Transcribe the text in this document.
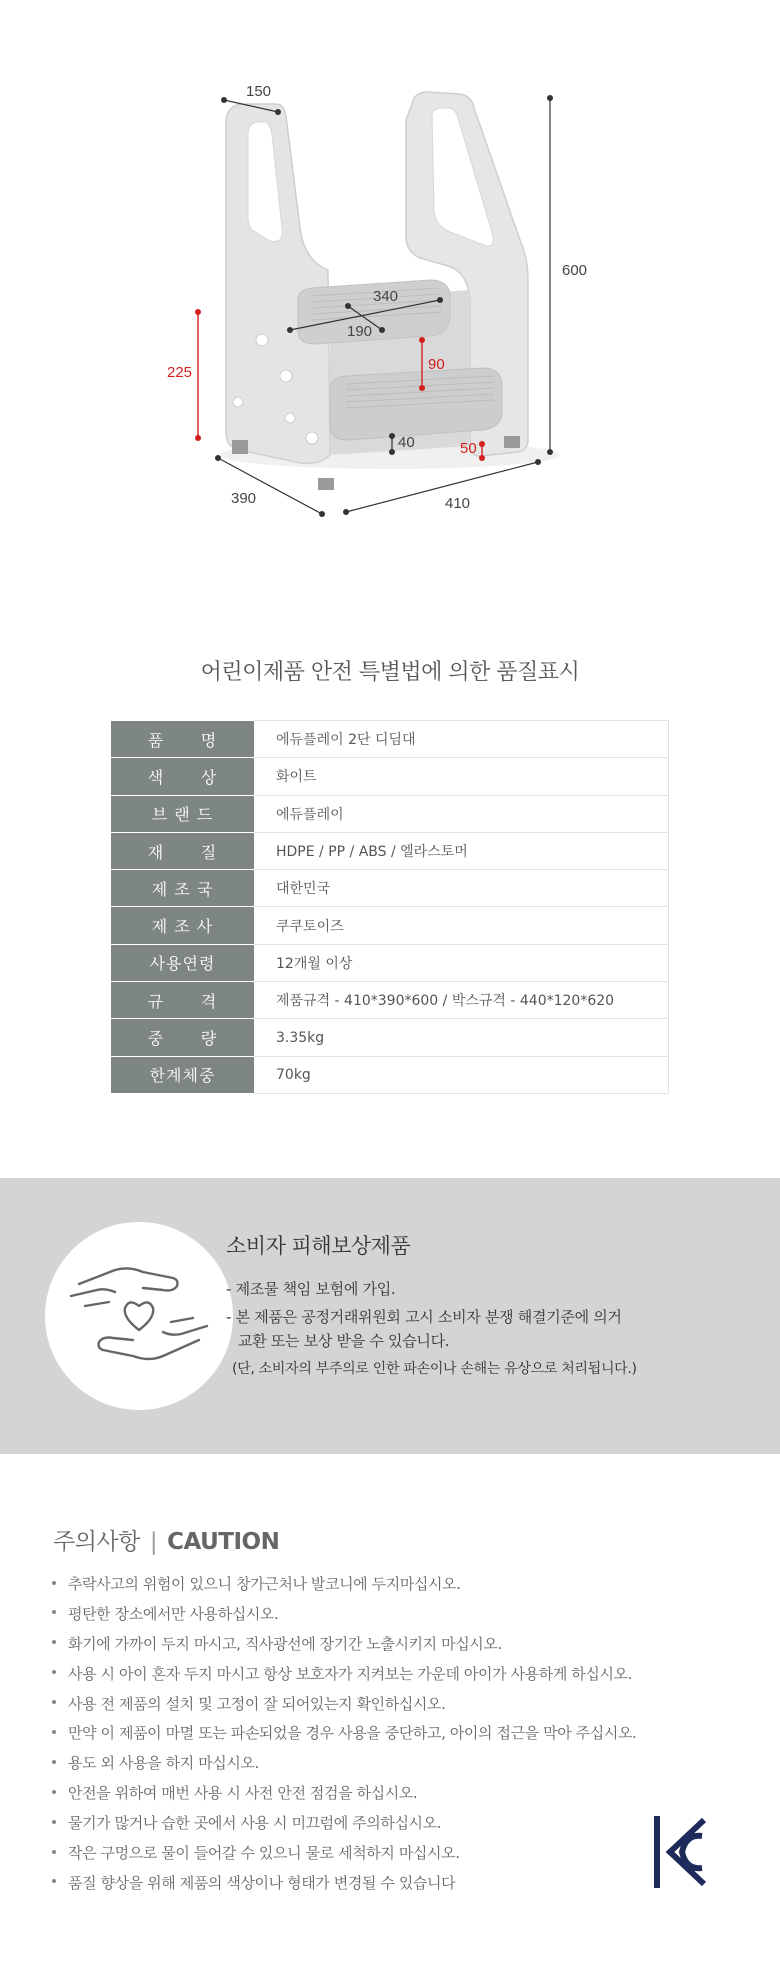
150
600
340
190
225	90
40	50
390	410
어린이제품 안전 특별법에 의한 품질표시
품      명	에듀플레이 2단 디딤대
색      상	화이트
브 랜 드	에듀플레이
재      질	HDPE / PP / ABS / 엘라스토머
제 조 국	대한민국
제 조 사	쿠쿠토이즈
사용연령	12개월 이상
규      격	제품규격 - 410*390*600 / 박스규격 - 440*120*620
중      량	3.35kg
한계체중	70kg
소비자 피해보상제품
- 제조물 책임 보험에 가입.
- 본 제품은 공정거래위원회 고시 소비자 분쟁 해결기준에 의거
교환 또는 보상 받을 수 있습니다.
(단, 소비자의 부주의로 인한 파손이나 손해는 유상으로 처리됩니다.)
주의사항 | CAUTION
추락사고의 위험이 있으니 창가근처나 발코니에 두지마십시오.
평탄한 장소에서만 사용하십시오.
화기에 가까이 두지 마시고, 직사광선에 장기간 노출시키지 마십시오.
사용 시 아이 혼자 두지 마시고 항상 보호자가 지켜보는 가운데 아이가 사용하게 하십시오.
사용 전 제품의 설치 및 고정이 잘 되어있는지 확인하십시오.
만약 이 제품이 마멸 또는 파손되었을 경우 사용을 중단하고, 아이의 접근을 막아 주십시오.
용도 외 사용을 하지 마십시오.
안전을 위하여 매번 사용 시 사전 안전 점검을 하십시오.
물기가 많거나 습한 곳에서 사용 시 미끄럼에 주의하십시오.
작은 구멍으로 물이 들어갈 수 있으니 물로 세척하지 마십시오.
품질 향상을 위해 제품의 색상이나 형태가 변경될 수 있습니다
